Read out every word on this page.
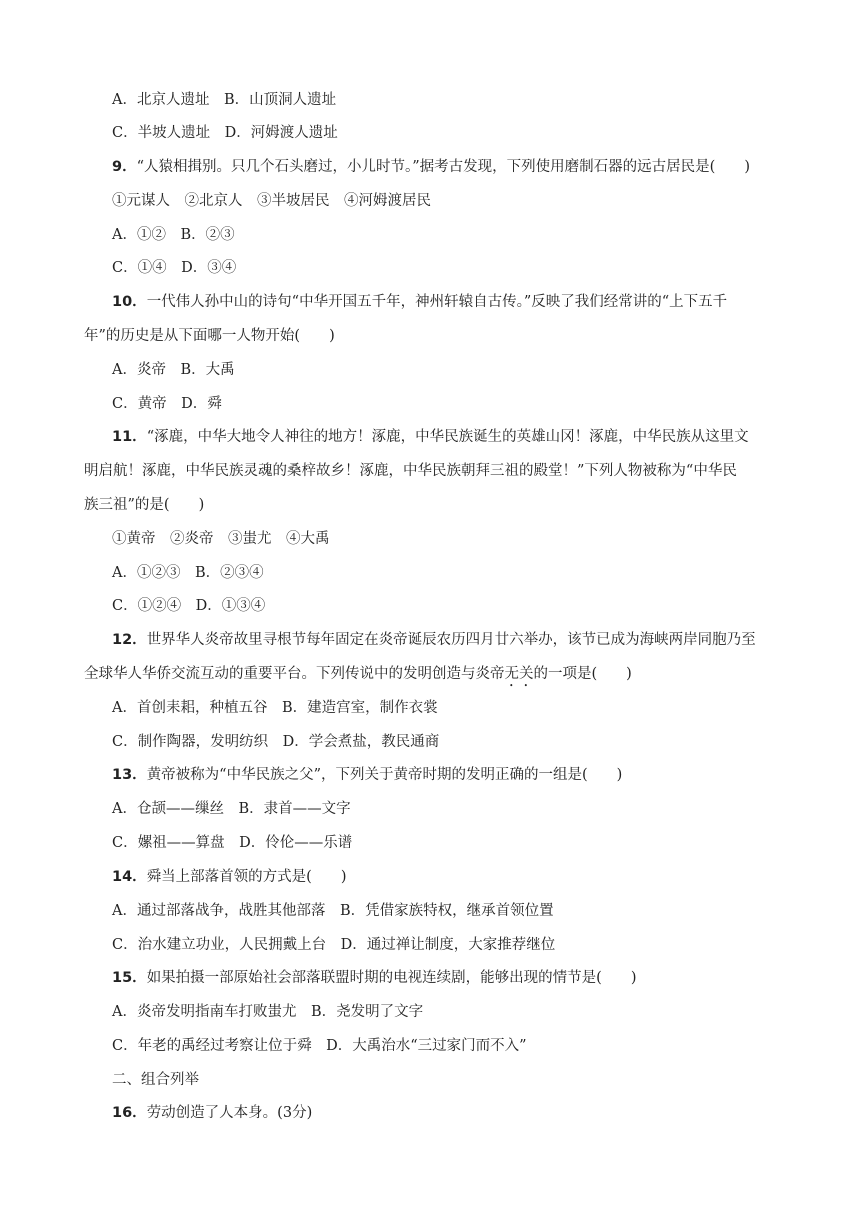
A．北京人遗址　B．山顶洞人遗址
C．半坡人遗址　D．河姆渡人遗址
9．“人猿相揖别。只几个石头磨过，小儿时节。”据考古发现，下列使用磨制石器的远古居民是(　　)
①元谋人　②北京人　③半坡居民　④河姆渡居民
A．①②　B．②③
C．①④　D．③④
10．一代伟人孙中山的诗句“中华开国五千年，神州轩辕自古传。”反映了我们经常讲的“上下五千
年”的历史是从下面哪一人物开始(　　)
A．炎帝　B．大禹
C．黄帝　D．舜
11．“涿鹿，中华大地令人神往的地方！涿鹿，中华民族诞生的英雄山冈！涿鹿，中华民族从这里文
明启航！涿鹿，中华民族灵魂的桑梓故乡！涿鹿，中华民族朝拜三祖的殿堂！”下列人物被称为“中华民
族三祖”的是(　　)
①黄帝　②炎帝　③蚩尤　④大禹
A．①②③　B．②③④
C．①②④　D．①③④
12．世界华人炎帝故里寻根节每年固定在炎帝诞辰农历四月廿六举办，该节已成为海峡两岸同胞乃至
全球华人华侨交流互动的重要平台。下列传说中的发明创造与炎帝无关的一项是(　　)
A．首创耒耜，种植五谷　B．建造宫室，制作衣裳
C．制作陶器，发明纺织　D．学会煮盐，教民通商
13．黄帝被称为“中华民族之父”，下列关于黄帝时期的发明正确的一组是(　　)
A．仓颉——缫丝　B．隶首——文字
C．嫘祖——算盘　D．伶伦——乐谱
14．舜当上部落首领的方式是(　　)
A．通过部落战争，战胜其他部落　B．凭借家族特权，继承首领位置
C．治水建立功业，人民拥戴上台　D．通过禅让制度，大家推荐继位
15．如果拍摄一部原始社会部落联盟时期的电视连续剧，能够出现的情节是(　　)
A．炎帝发明指南车打败蚩尤　B．尧发明了文字
C．年老的禹经过考察让位于舜　D．大禹治水“三过家门而不入”
二、组合列举
16．劳动创造了人本身。(3分)
